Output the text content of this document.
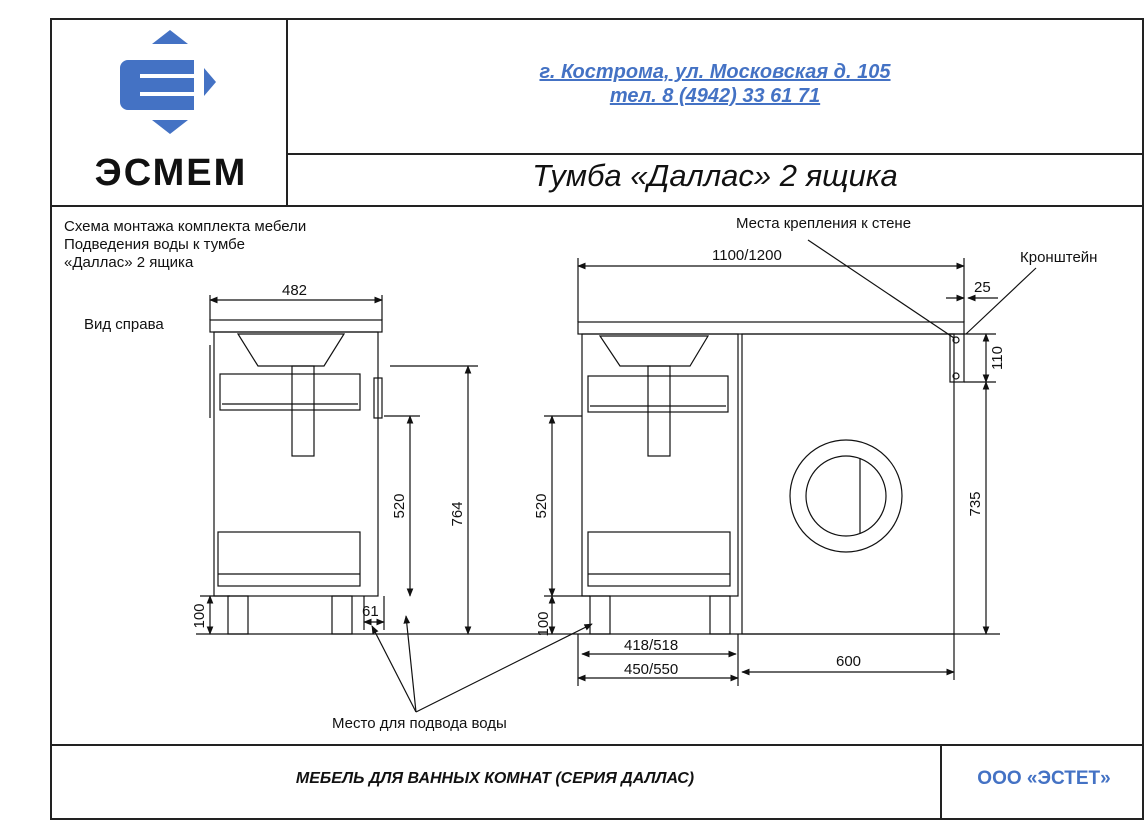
ЭСМЕМ
г. Кострома, ул. Московская д. 105
тел. 8 (4942) 33 61 71
Тумба «Даллас» 2 ящика
Схема монтажа комплекта мебели
Подведения воды к тумбе
«Даллас» 2 ящика
Вид справа
482
764
520
100	61
1100/1200
25
110
735
520
100
418/518
450/550	600
Места крепления к стене
Кронштейн
Место для подвода воды
МЕБЕЛЬ ДЛЯ ВАННЫХ КОМНАТ (СЕРИЯ ДАЛЛАС)	ООО «ЭСТЕТ»
